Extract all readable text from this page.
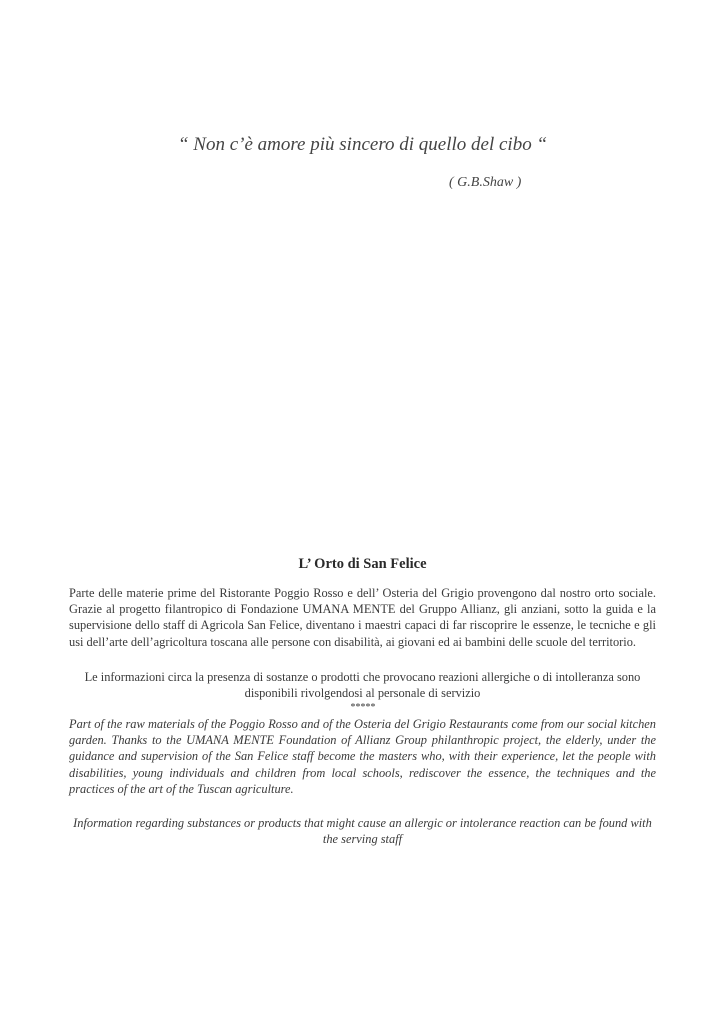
“ Non c’è amore più sincero di quello del cibo “
( G.B.Shaw )
L’ Orto di San Felice
Parte delle materie prime del Ristorante Poggio Rosso e dell’ Osteria del Grigio provengono dal nostro orto sociale. Grazie al progetto filantropico di Fondazione UMANA MENTE del Gruppo Allianz, gli anziani, sotto la guida e la supervisione dello staff di Agricola San Felice, diventano i maestri capaci di far riscoprire le essenze, le tecniche e gli usi dell’arte dell’agricoltura toscana alle persone con disabilità, ai giovani ed ai bambini delle scuole del territorio.
Le informazioni circa la presenza di sostanze o prodotti che provocano reazioni allergiche o di intolleranza sono disponibili rivolgendosi al personale di servizio
*****
Part of the raw materials of the Poggio Rosso and of the Osteria del Grigio Restaurants come from our social kitchen garden. Thanks to the UMANA MENTE Foundation of Allianz Group philanthropic project, the elderly, under the guidance and supervision of the San Felice staff become the masters who, with their experience, let the people with disabilities, young individuals and children from local schools, rediscover the essence, the techniques and the practices of the art of the Tuscan agriculture.
Information regarding substances or products that might cause an allergic or intolerance reaction can be found with the serving staff
